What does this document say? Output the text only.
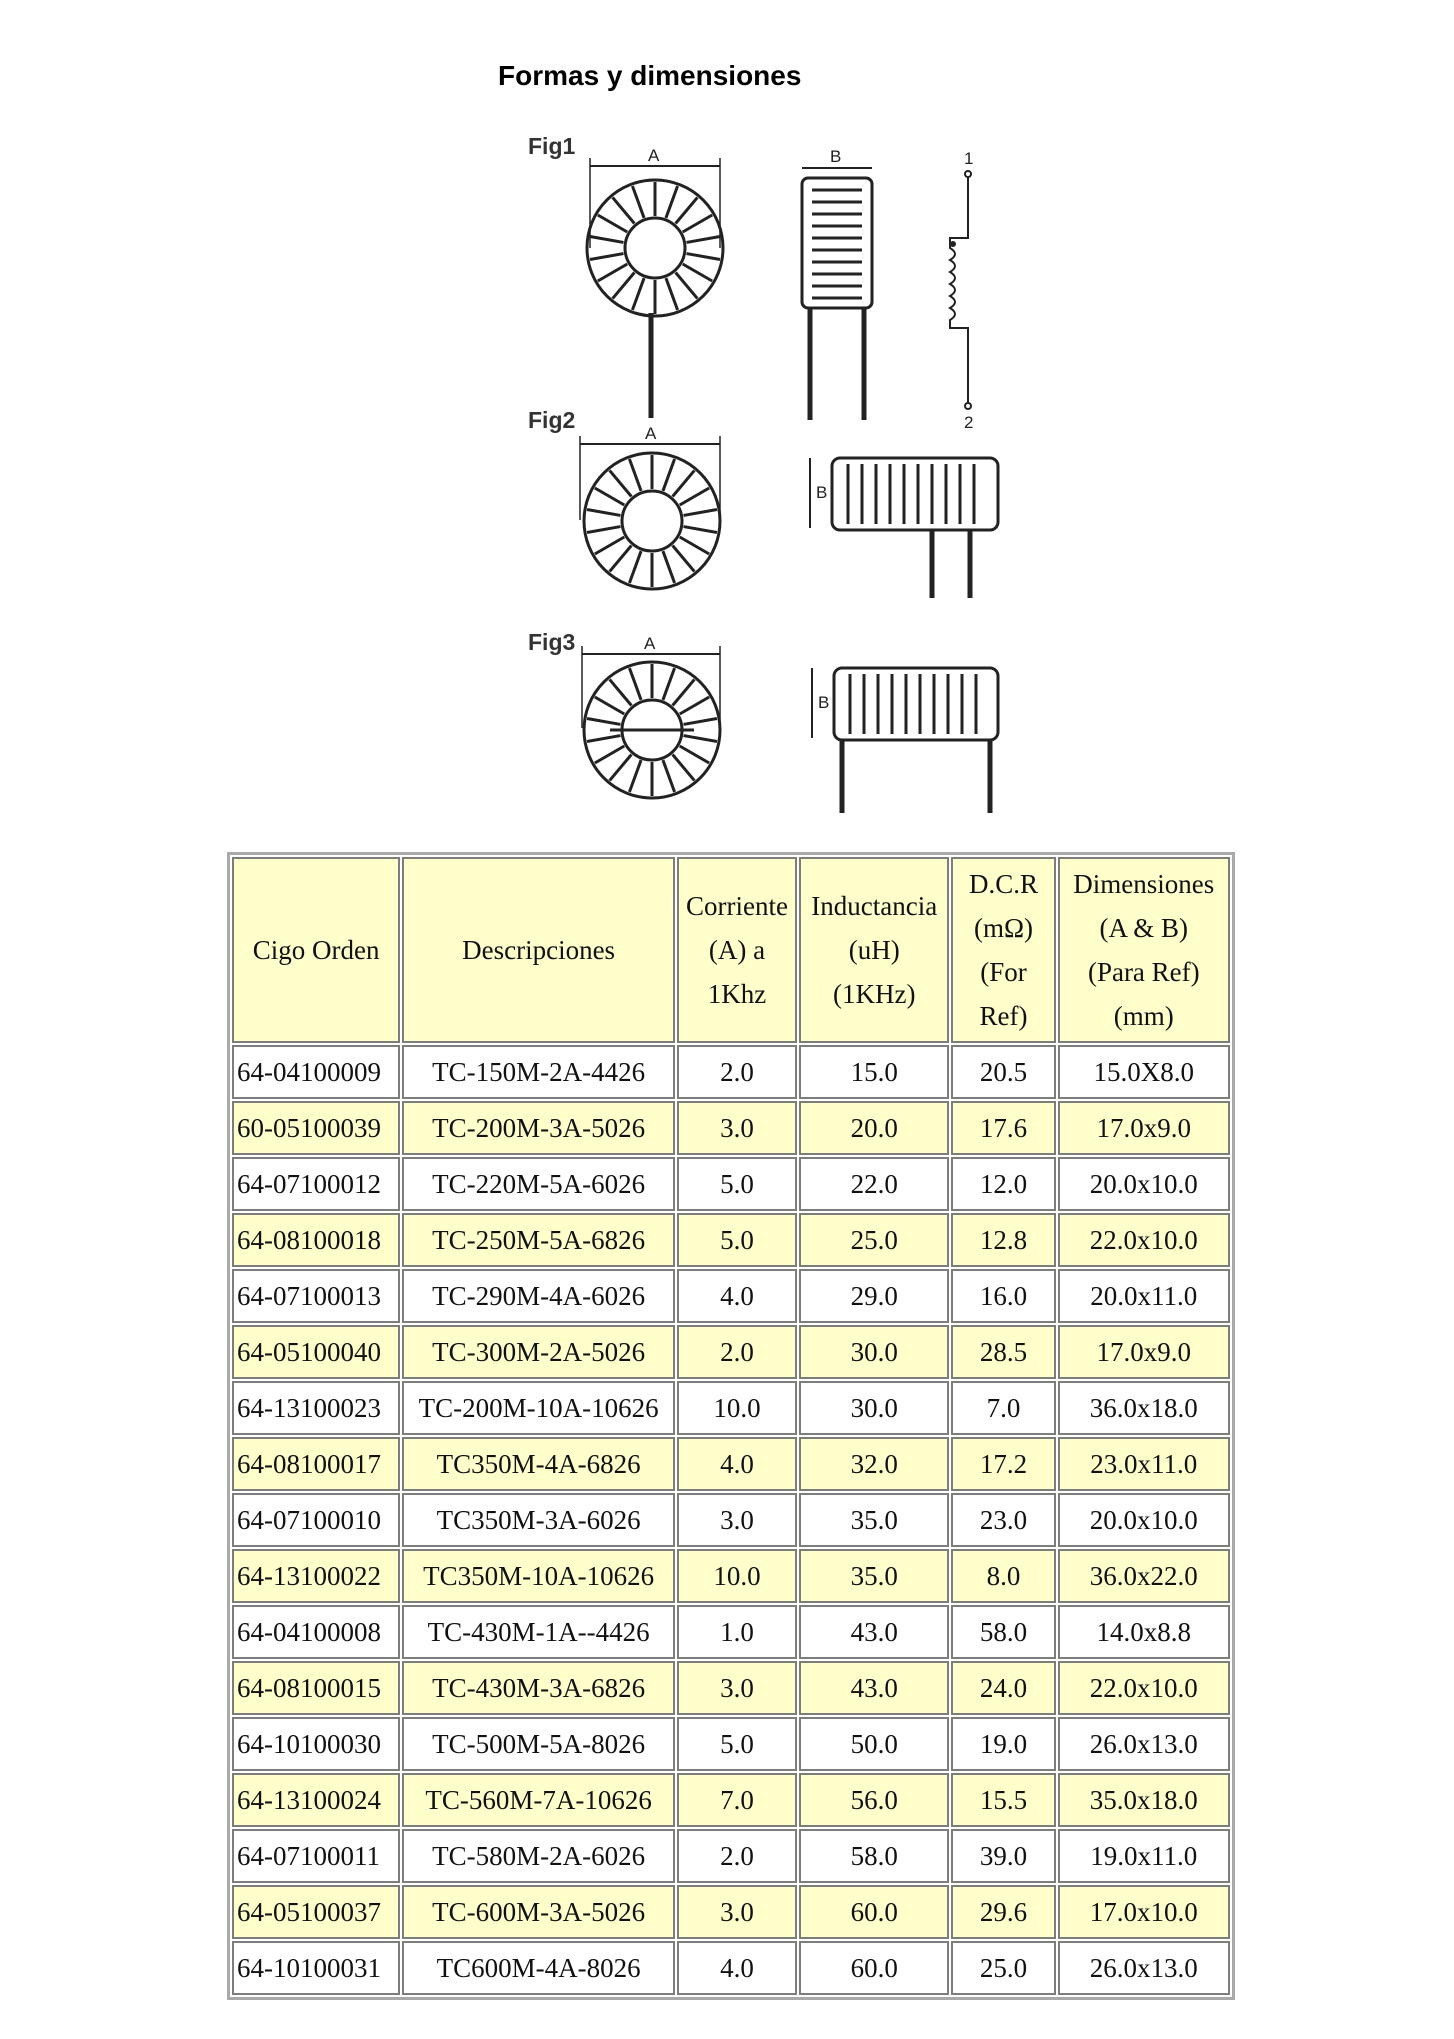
Formas y dimensiones
Fig1	A	B	1
2
Fig2
A
B
Fig3	A
B
Cigo Orden	Descripciones	Corriente
(A) a
1Khz	Inductancia
(uH)
(1KHz)	D.C.R
(mΩ)
(For
Ref)	Dimensiones
(A & B)
(Para Ref)
(mm)
64-04100009	TC-150M-2A-4426	2.0	15.0	20.5	15.0X8.0
60-05100039	TC-200M-3A-5026	3.0	20.0	17.6	17.0x9.0
64-07100012	TC-220M-5A-6026	5.0	22.0	12.0	20.0x10.0
64-08100018	TC-250M-5A-6826	5.0	25.0	12.8	22.0x10.0
64-07100013	TC-290M-4A-6026	4.0	29.0	16.0	20.0x11.0
64-05100040	TC-300M-2A-5026	2.0	30.0	28.5	17.0x9.0
64-13100023	TC-200M-10A-10626	10.0	30.0	7.0	36.0x18.0
64-08100017	TC350M-4A-6826	4.0	32.0	17.2	23.0x11.0
64-07100010	TC350M-3A-6026	3.0	35.0	23.0	20.0x10.0
64-13100022	TC350M-10A-10626	10.0	35.0	8.0	36.0x22.0
64-04100008	TC-430M-1A--4426	1.0	43.0	58.0	14.0x8.8
64-08100015	TC-430M-3A-6826	3.0	43.0	24.0	22.0x10.0
64-10100030	TC-500M-5A-8026	5.0	50.0	19.0	26.0x13.0
64-13100024	TC-560M-7A-10626	7.0	56.0	15.5	35.0x18.0
64-07100011	TC-580M-2A-6026	2.0	58.0	39.0	19.0x11.0
64-05100037	TC-600M-3A-5026	3.0	60.0	29.6	17.0x10.0
64-10100031	TC600M-4A-8026	4.0	60.0	25.0	26.0x13.0
